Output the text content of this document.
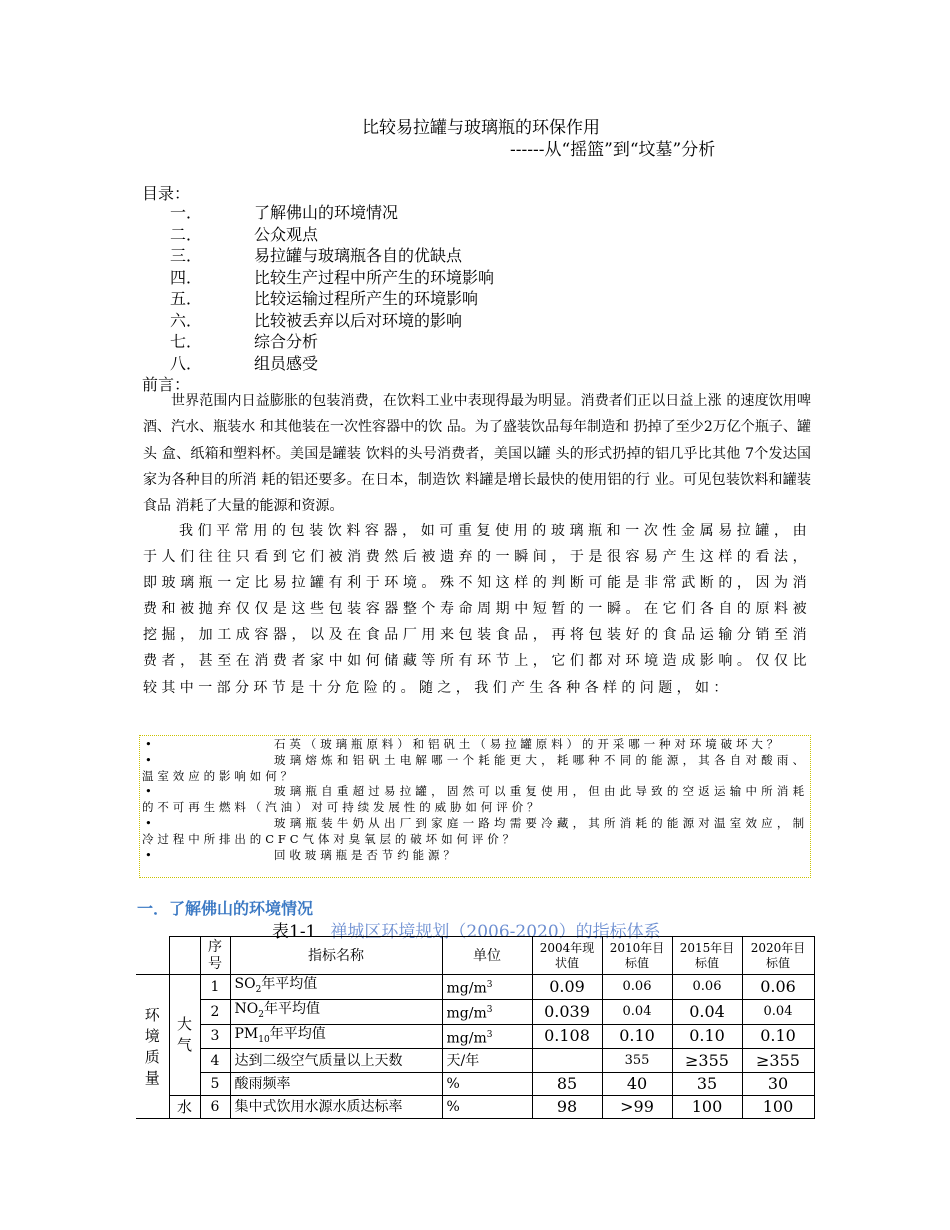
比较易拉罐与玻璃瓶的环保作用
------从“摇篮”到“坟墓”分析
目录：
一．	了解佛山的环境情况
二．	公众观点
三．	易拉罐与玻璃瓶各自的优缺点
四．	比较生产过程中所产生的环境影响
五．	比较运输过程所产生的环境影响
六．	比较被丢弃以后对环境的影响
七．	综合分析
八．	组员感受
前言：

世界范围内日益膨胀的包装消费，在饮料工业中表现得最为明显。消费者们正以日益上涨 的速度饮用啤酒、汽水、瓶装水 和其他装在一次性容器中的饮 品。为了盛装饮品每年制造和 扔掉了至少2万亿个瓶子、罐头 盒、纸箱和塑料杯。美国是罐装 饮料的头号消费者，美国以罐 头的形式扔掉的铝几乎比其他 7个发达国家为各种目的所消 耗的铝还要多。在日本，制造饮 料罐是增长最快的使用铝的行 业。可见包装饮料和罐装食品 消耗了大量的能源和资源。

我们平常用的包装饮料容器，如可重复使用的玻璃瓶和一次性金属易拉罐，由于人们往往只看到它们被消费然后被遗弃的一瞬间，于是很容易产生这样的看法，即玻璃瓶一定比易拉罐有利于环境。殊不知这样的判断可能是非常武断的，因为消费和被抛弃仅仅是这些包装容器整个寿命周期中短暂的一瞬。在它们各自的原料被挖掘，加工成容器，以及在食品厂用来包装食品，再将包装好的食品运输分销至消费者，甚至在消费者家中如何储藏等所有环节上，它们都对环境造成影响。仅仅比较其中一部分环节是十分危险的。随之，我们产生各种各样的问题，如：

•	石英（玻璃瓶原料）和铝矾土（易拉罐原料）的开采哪一种对环境破坏大？
•	玻璃熔炼和铝矾土电解哪一个耗能更大，耗哪种不同的能源，其各自对酸雨、温室效应的影响如何？
•	玻璃瓶自重超过易拉罐，固然可以重复使用，但由此导致的空返运输中所消耗的不可再生燃料（汽油）对可持续发展性的威胁如何评价？
•	玻璃瓶装牛奶从出厂到家庭一路均需要冷藏，其所消耗的能源对温室效应，制冷过程中所排出的CFC气体对臭氧层的破坏如何评价？
•	回收玻璃瓶是否节约能源？
一．了解佛山的环境情况
表1-1 禅城区环境规划（2006-2020）的指标体系
		序号	指标名称	单位	2004年现状值	2010年目标值	2015年目标值	2020年目标值
环境质量	大气	1	$SO_2$年平均值	$mg/m^3$	0.09	0.06	0.06	0.06
		2	$NO_2$年平均值	$mg/m^3$	0.039	0.04	0.04	0.04
		3	$PM_{10}$年平均值	$mg/m^3$	0.108	0.10	0.10	0.10
		4	达到二级空气质量以上天数	天/年		355	≥355	≥355
		5	酸雨频率	%	85	40	35	30
	水	6	集中式饮用水源水质达标率	%	98	>99	100	100
